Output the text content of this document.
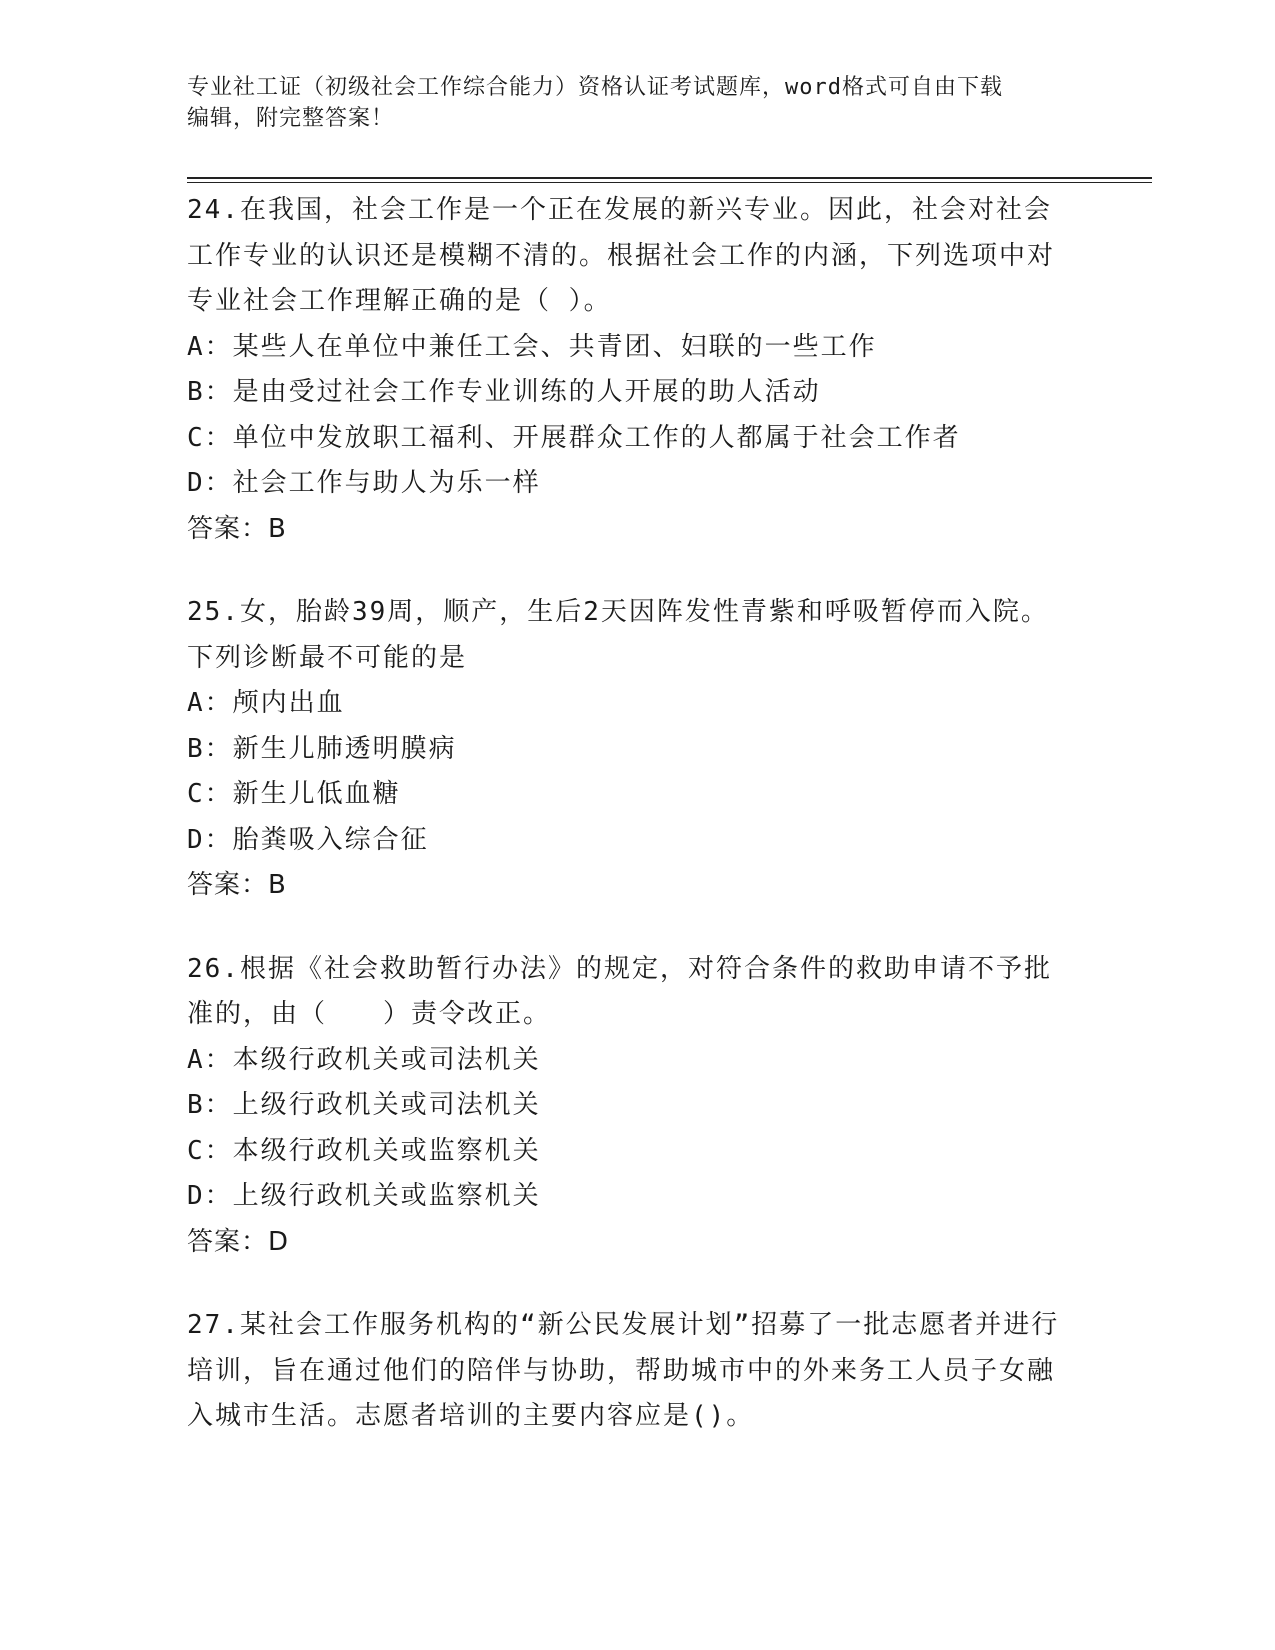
专业社工证（初级社会工作综合能力）资格认证考试题库，word格式可自由下载
编辑，附完整答案！
24.在我国，社会工作是一个正在发展的新兴专业。因此，社会对社会工作专业的认识还是模糊不清的。根据社会工作的内涵，下列选项中对专业社会工作理解正确的是（ ）。
A：某些人在单位中兼任工会、共青团、妇联的一些工作
B：是由受过社会工作专业训练的人开展的助人活动
C：单位中发放职工福利、开展群众工作的人都属于社会工作者
D：社会工作与助人为乐一样
答案：B
25.女，胎龄39周，顺产，生后2天因阵发性青紫和呼吸暂停而入院。下列诊断最不可能的是
A：颅内出血
B：新生儿肺透明膜病
C：新生儿低血糖
D：胎粪吸入综合征
答案：B
26.根据《社会救助暂行办法》的规定，对符合条件的救助申请不予批准的，由（　　）责令改正。
A：本级行政机关或司法机关
B：上级行政机关或司法机关
C：本级行政机关或监察机关
D：上级行政机关或监察机关
答案：D
27.某社会工作服务机构的“新公民发展计划”招募了一批志愿者并进行培训，旨在通过他们的陪伴与协助，帮助城市中的外来务工人员子女融入城市生活。志愿者培训的主要内容应是()。
